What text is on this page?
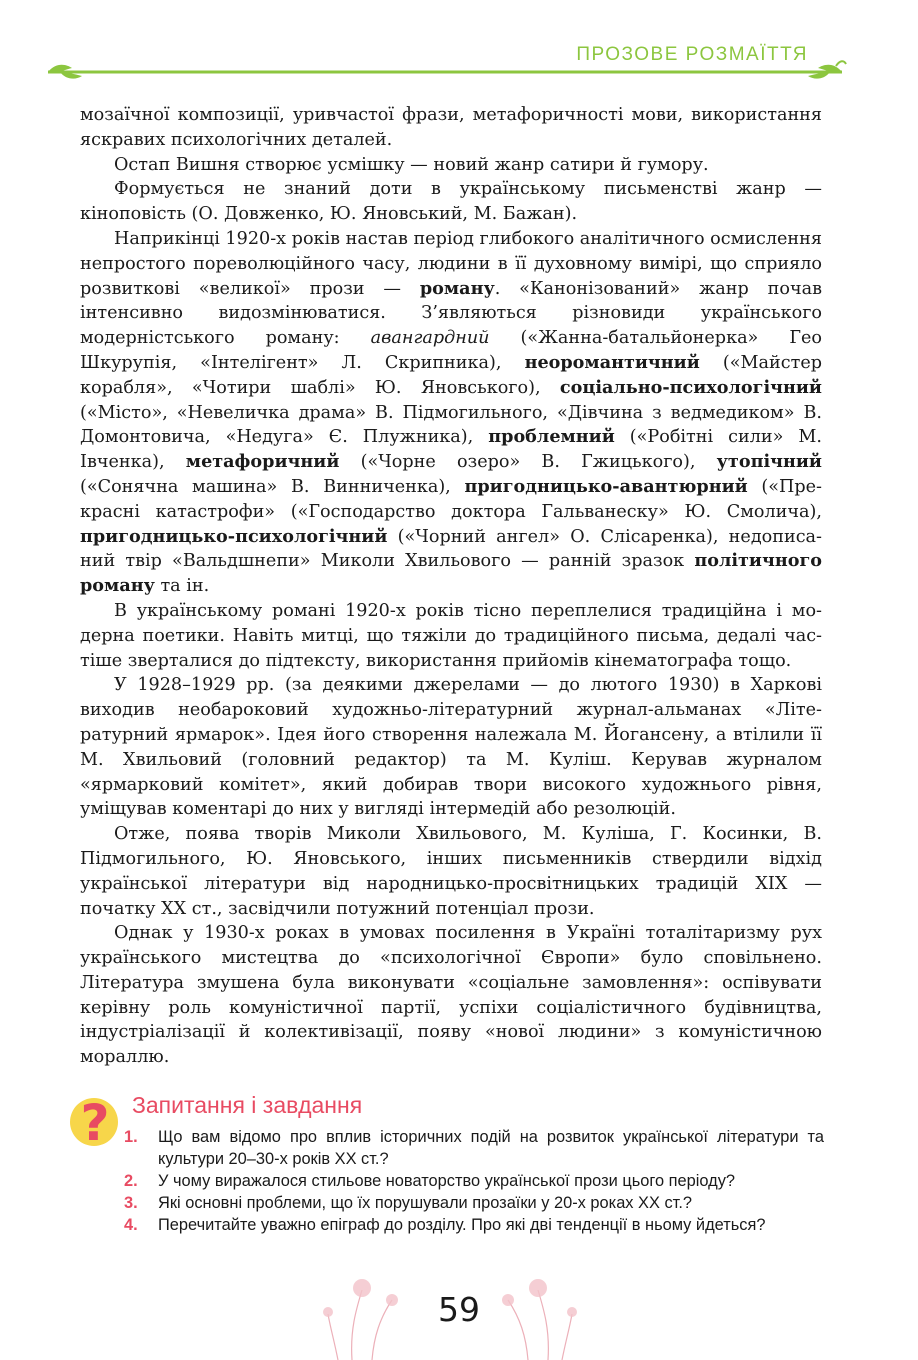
ПРОЗОВЕ РОЗМАЇТТЯ

мозаїчної композиції, уривчастої фрази, метафоричності мови, використання яскравих психологічних деталей.

Остап Вишня створює усмішку — новий жанр сатири й гумору.

Формується не знаний доти в українському письменстві жанр — кіноповість (О. Довженко, Ю. Яновський, М. Бажан).

Наприкінці 1920-х років настав період глибокого аналітичного осмислення непростого пореволюційного часу, людини в її духовному вимірі, що сприяло розвиткові «великої» прози — роману. «Канонізований» жанр почав інтенсивно видозмінюватися. З’являються різновиди українського модерністського роману: авангардний («Жанна-батальйонерка» Гео Шкурупія, «Інтелігент» Л. Скрипника), неоромантичний («Майстер корабля», «Чотири шаблі» Ю. Яновського), соціально-психологічний («Місто», «Невеличка драма» В. Підмогильного, «Дівчина з ведмедиком» В. Домонтовича, «Недуга» Є. Плужника), проблемний («Робітні сили» М. Івченка), метафоричний («Чорне озеро» В. Гжицького), утопічний («Сонячна машина» В. Винниченка), пригодницько-авантюрний («Прекрасні катастрофи» («Господарство доктора Гальванеску» Ю. Смолича), пригодницько-психологічний («Чорний ангел» О. Слісаренка), недописаний твір «Вальдшнепи» Миколи Хвильового — ранній зразок політичного роману та ін.

В українському романі 1920-х років тісно переплелися традиційна і модерна поетики. Навіть митці, що тяжіли до традиційного письма, дедалі частіше зверталися до підтексту, використання прийомів кінематографа тощо.

У 1928–1929 рр. (за деякими джерелами — до лютого 1930) в Харкові виходив необароковий художньо-літературний журнал-альманах «Літературний ярмарок». Ідея його створення належала М. Йогансену, а втілили її М. Хвильовий (головний редактор) та М. Куліш. Керував журналом «ярмарковий комітет», який добирав твори високого художнього рівня, уміщував коментарі до них у вигляді інтермедій або резолюцій.

Отже, поява творів Миколи Хвильового, М. Куліша, Г. Косинки, В. Підмогильного, Ю. Яновського, інших письменників ствердили відхід української літератури від народницько-просвітницьких традицій XIX — початку XX ст., засвідчили потужний потенціал прози.

Однак у 1930-х роках в умовах посилення в Україні тоталітаризму рух українського мистецтва до «психологічної Європи» було сповільнено. Література змушена була виконувати «соціальне замовлення»: оспівувати керівну роль комуністичної партії, успіхи соціалістичного будівництва, індустріалізації й колективізації, появу «нової людини» з комуністичною мораллю.

? Запитання і завдання
1. Що вам відомо про вплив історичних подій на розвиток української літератури та культури 20–30-х років XX ст.?
2. У чому виражалося стильове новаторство української прози цього періоду?
3. Які основні проблеми, що їх порушували прозаїки у 20-х роках XX ст.?
4. Перечитайте уважно епіграф до розділу. Про які дві тенденції в ньому йдеться?
59
